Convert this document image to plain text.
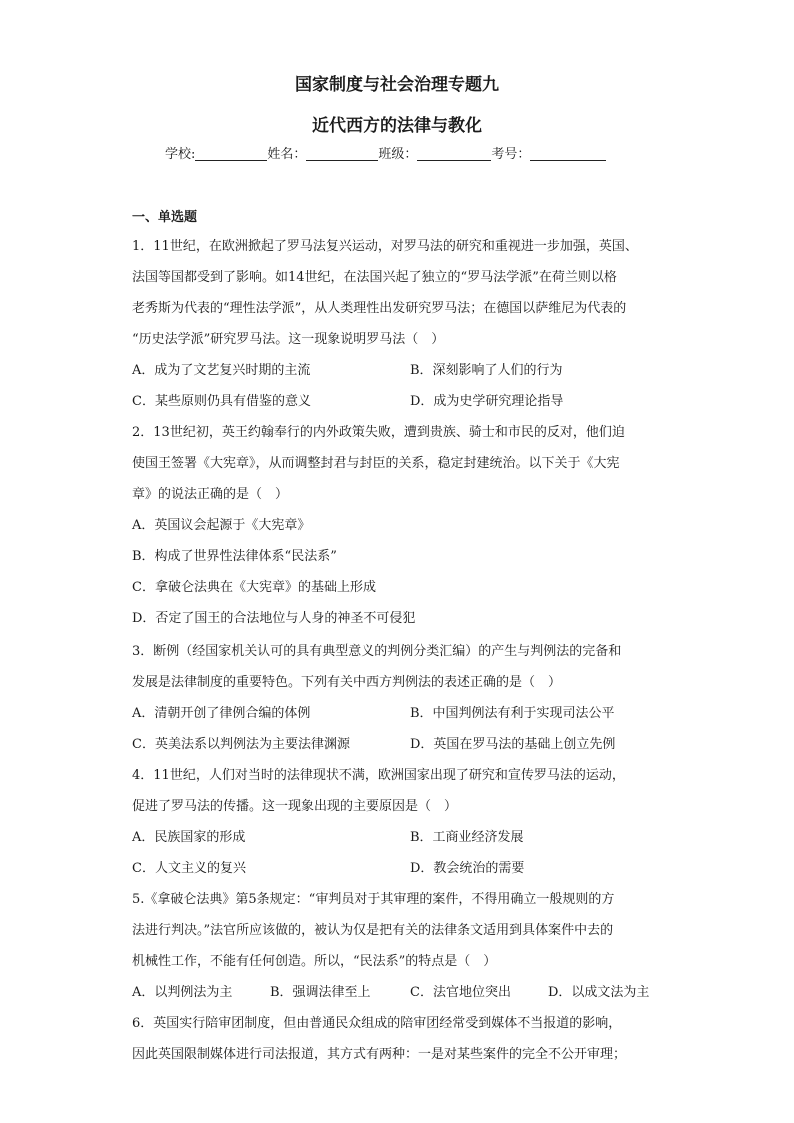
国家制度与社会治理专题九
近代西方的法律与教化
学校:	姓名：	班级：	考号：
一、单选题
1．11世纪，在欧洲掀起了罗马法复兴运动，对罗马法的研究和重视进一步加强，英国、
法国等国都受到了影响。如14世纪，在法国兴起了独立的“罗马法学派”在荷兰则以格
老秀斯为代表的“理性法学派”，从人类理性出发研究罗马法；在德国以萨维尼为代表的
“历史法学派”研究罗马法。这一现象说明罗马法（　）
A．成为了文艺复兴时期的主流	B．深刻影响了人们的行为
C．某些原则仍具有借鉴的意义	D．成为史学研究理论指导
2．13世纪初，英王约翰奉行的内外政策失败，遭到贵族、骑士和市民的反对，他们迫
使国王签署《大宪章》，从而调整封君与封臣的关系，稳定封建统治。以下关于《大宪
章》的说法正确的是（　）
A．英国议会起源于《大宪章》
B．构成了世界性法律体系“民法系”
C．拿破仑法典在《大宪章》的基础上形成
D．否定了国王的合法地位与人身的神圣不可侵犯
3．断例（经国家机关认可的具有典型意义的判例分类汇编）的产生与判例法的完备和
发展是法律制度的重要特色。下列有关中西方判例法的表述正确的是（　）
A．清朝开创了律例合编的体例	B．中国判例法有利于实现司法公平
C．英美法系以判例法为主要法律渊源	D．英国在罗马法的基础上创立先例
4．11世纪，人们对当时的法律现状不满，欧洲国家出现了研究和宣传罗马法的运动，
促进了罗马法的传播。这一现象出现的主要原因是（　）
A．民族国家的形成	B．工商业经济发展
C．人文主义的复兴	D．教会统治的需要
5.《拿破仑法典》第5条规定：“审判员对于其审理的案件，不得用确立一般规则的方
法进行判决。”法官所应该做的，被认为仅是把有关的法律条文适用到具体案件中去的
机械性工作，不能有任何创造。所以，“民法系”的特点是（　）
A．以判例法为主	B．强调法律至上	C．法官地位突出	D．以成文法为主
6．英国实行陪审团制度，但由普通民众组成的陪审团经常受到媒体不当报道的影响，
因此英国限制媒体进行司法报道，其方式有两种：一是对某些案件的完全不公开审理；
